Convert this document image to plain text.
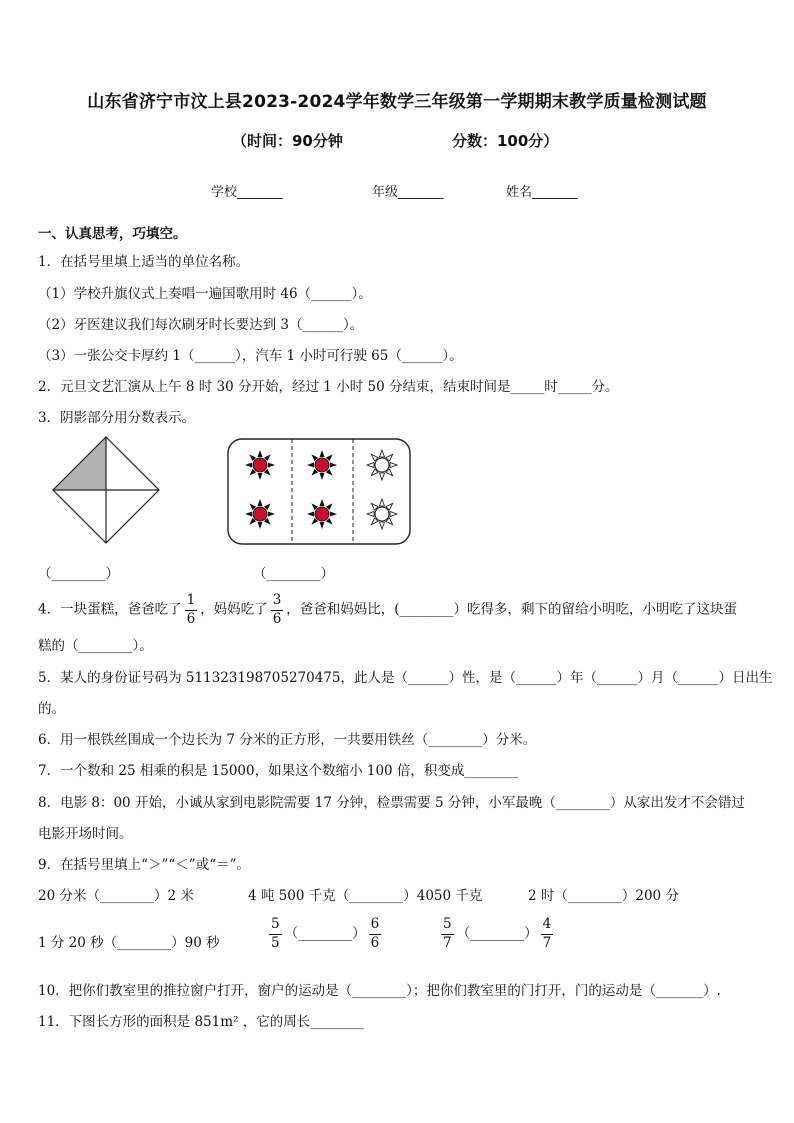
山东省济宁市汶上县2023-2024学年数学三年级第一学期期末教学质量检测试题
（时间：90分钟	分数：100分）
学校_______	年级_______	姓名_______
一、认真思考，巧填空。
1．在括号里填上适当的单位名称。
（1）学校升旗仪式上奏唱一遍国歌用时 46（______）。
（2）牙医建议我们每次刷牙时长要达到 3（______）。
（3）一张公交卡厚约 1（______），汽车 1 小时可行驶 65（______）。
2．元旦文艺汇演从上午 8 时 30 分开始，经过 1 小时 50 分结束，结束时间是_____时_____分。
3．阴影部分用分数表示。
（________）	（________）
4．一块蛋糕，爸爸吃了 $\frac{1}{6}$ ，妈妈吃了 $\frac{3}{6}$ ，爸爸和妈妈比，(________）吃得多，剩下的留给小明吃，小明吃了这块蛋
糕的（________）。
5．某人的身份证号码为 511323198705270475，此人是（______）性，是（______）年（______）月（______）日出生
的。
6．用一根铁丝围成一个边长为 7 分米的正方形，一共要用铁丝（________）分米。
7．一个数和 25 相乘的积是 15000，如果这个数缩小 100 倍，积变成________
8．电影 8：00 开始，小诚从家到电影院需要 17 分钟，检票需要 5 分钟，小军最晚（________）从家出发才不会错过
电影开场时间。
9．在括号里填上“＞”“＜”或“＝”。
20 分米（________）2 米	4 吨 500 千克（________）4050 千克	2 时（________）200 分
1 分 20 秒（________）90 秒	$\frac{5}{5}$ （________） $\frac{6}{6}$	$\frac{5}{7}$ （________） $\frac{4}{7}$
10．把你们教室里的推拉窗户打开，窗户的运动是（________）；把你们教室里的门打开，门的运动是（_______）.
11．下图长方形的面积是 851m² ，它的周长________
